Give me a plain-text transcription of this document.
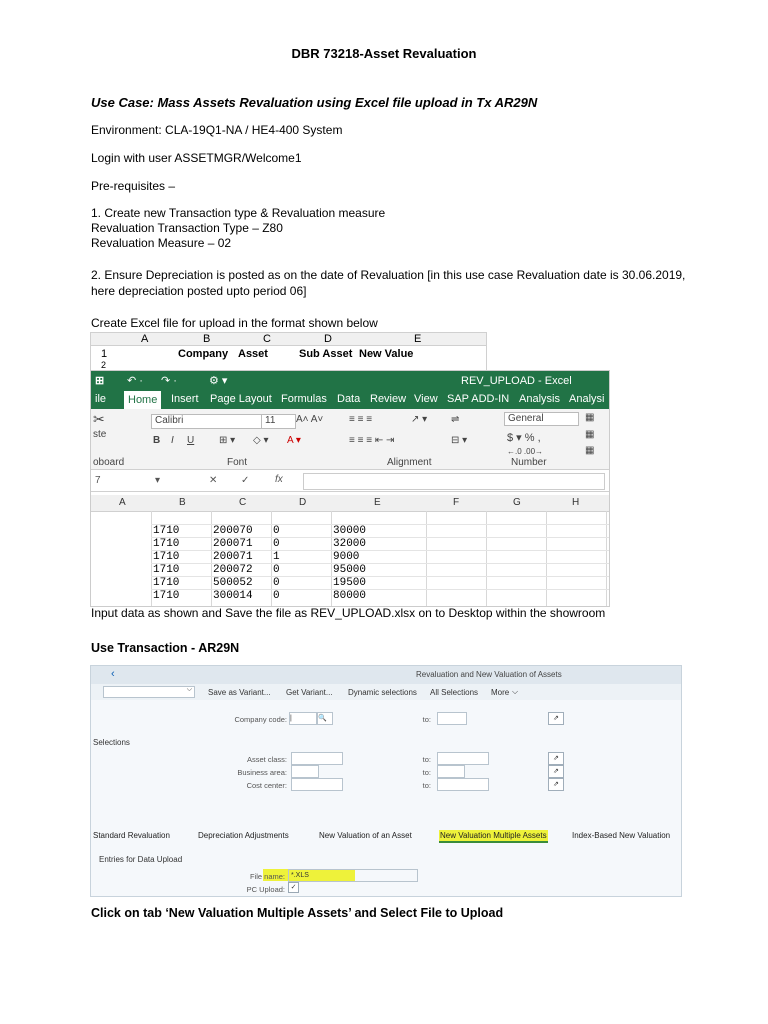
DBR 73218-Asset Revaluation
Use Case: Mass Assets Revaluation using Excel file upload in Tx AR29N
Environment: CLA-19Q1-NA / HE4-400 System
Login with user ASSETMGR/Welcome1
Pre-requisites –
1. Create new Transaction type & Revaluation measure
Revaluation Transaction Type – Z80
Revaluation Measure – 02
2. Ensure Depreciation is posted as on the date of Revaluation [in this use case Revaluation date is 30.06.2019,
here depreciation posted upto period 06]
Create Excel file for upload in the format shown below
A	B	C	D	E
1
2
Company Asset	Sub Asset New Value
⊞ ↶ · ↷ ·	⚙ ▾	REV_UPLOAD - Excel
ile	Home	Insert Page Layout Formulas Data Review View SAP ADD-IN Analysis Analysi
✂
ste
Calibri	11	A˄ A˅
B I U ⊞ ▾ ◇ ▾ A ▾
≡ ≡ ≡
≡ ≡ ≡ ⇤ ⇥
↗ ▾ ⇌
⊟ ▾
General
$ ▾ % ,
←.0 .00→
▦
▦
▦
oboard	Font	Alignment	Number
7	▾	✕ ✓	fx
A	B	C	D	E	F	G	H
1710	200070 0	30000
1710	200071 0	32000
1710	200071 1	9000
1710	200072 0	95000
1710	500052 0	19500
1710	300014 0	80000
Input data as shown and Save the file as REV_UPLOAD.xlsx on to Desktop within the showroom
Use Transaction - AR29N
‹	Revaluation and New Valuation of Assets
⌵ Save as Variant... Get Variant... Dynamic selections All Selections More ⌵
Company code: |	🔍	to:	⇗
Selections
Asset class:	to:	⇗
Business area:	to:	⇗
Cost center:	to:	⇗
Standard Revaluation	Depreciation Adjustments	New Valuation of an Asset	New Valuation Multiple Assets	Index-Based New Valuation
Entries for Data Upload
File name: *.XLS
PC Upload: ✓
Click on tab ‘New Valuation Multiple Assets’ and Select File to Upload
